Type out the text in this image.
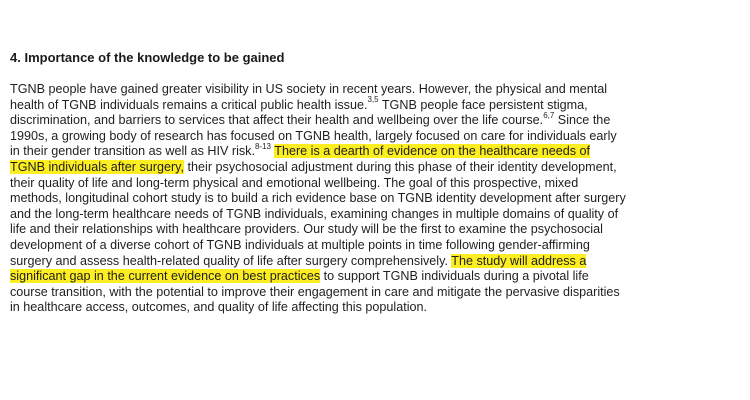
4. Importance of the knowledge to be gained
TGNB people have gained greater visibility in US society in recent years. However, the physical and mental
health of TGNB individuals remains a critical public health issue.$^{3,5}$ TGNB people face persistent stigma,
discrimination, and barriers to services that affect their health and wellbeing over the life course.$^{6,7}$ Since the
1990s, a growing body of research has focused on TGNB health, largely focused on care for individuals early
in their gender transition as well as HIV risk.$^{8-13}$ There is a dearth of evidence on the healthcare needs of
TGNB individuals after surgery, their psychosocial adjustment during this phase of their identity development,
their quality of life and long-term physical and emotional wellbeing. The goal of this prospective, mixed
methods, longitudinal cohort study is to build a rich evidence base on TGNB identity development after surgery
and the long-term healthcare needs of TGNB individuals, examining changes in multiple domains of quality of
life and their relationships with healthcare providers. Our study will be the first to examine the psychosocial
development of a diverse cohort of TGNB individuals at multiple points in time following gender-affirming
surgery and assess health-related quality of life after surgery comprehensively. The study will address a
significant gap in the current evidence on best practices to support TGNB individuals during a pivotal life
course transition, with the potential to improve their engagement in care and mitigate the pervasive disparities
in healthcare access, outcomes, and quality of life affecting this population.
